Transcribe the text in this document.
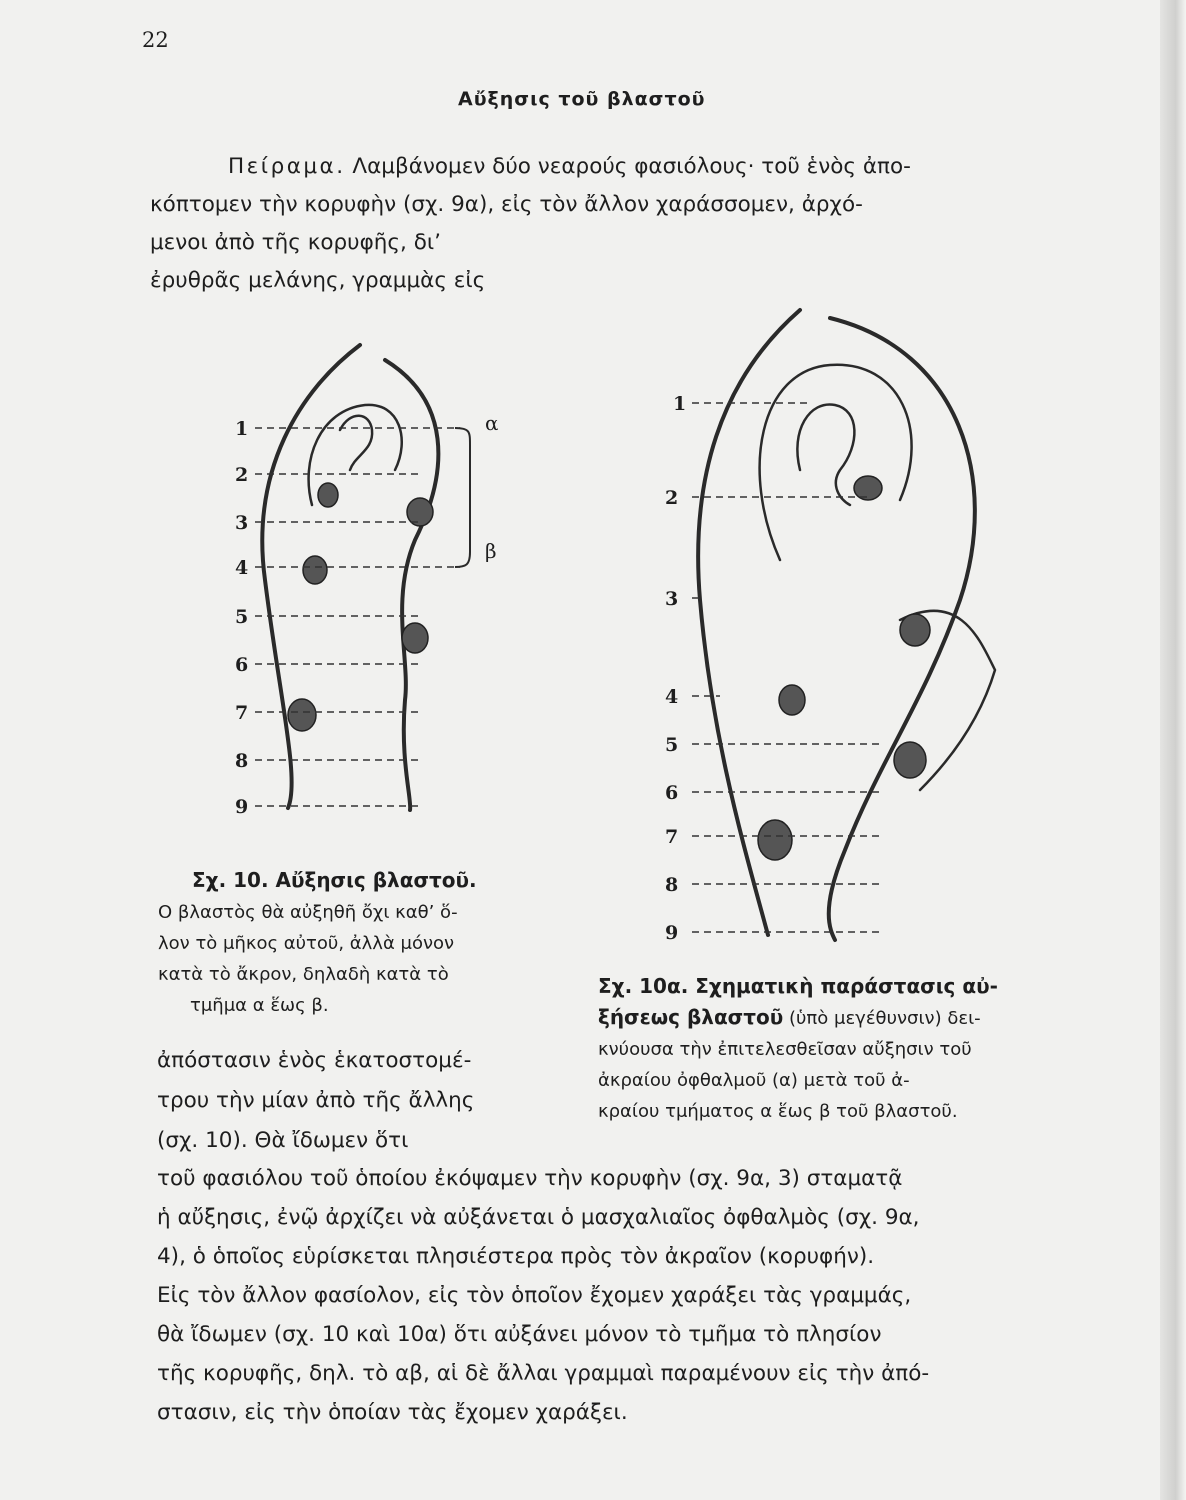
22
Αὔξησις τοῦ βλαστοῦ
Πείραμα. Λαμβάνομεν δύο νεαρούς φασιόλους· τοῦ ἑνὸς ἀπο-
κόπτομεν τὴν κορυφὴν (σχ. 9α), εἰς τὸν ἄλλον χαράσσομεν, ἀρχό-
μενοι ἀπὸ τῆς κορυφῆς, δι’
ἐρυθρᾶς μελάνης, γραμμὰς εἰς
1
2
3
4
5
6
7
8
9
α
β
1
2
3
4
5
6
7
8
9
Σχ. 10. Αὔξησις βλαστοῦ.
Ο βλαστὸς θὰ αὐξηθῆ ὄχι καθ’ ὅ-
λον τὸ μῆκος αὐτοῦ, ἀλλὰ μόνον
κατὰ τὸ ἄκρον, δηλαδὴ κατὰ τὸ
τμῆμα α ἕως β.
Σχ. 10α. Σχηματικὴ παράστασις αὐ-
ξήσεως βλαστοῦ (ὑπὸ μεγέθυνσιν) δει-
κνύουσα τὴν ἐπιτελεσθεῖσαν αὔξησιν τοῦ
ἀκραίου ὀφθαλμοῦ (α) μετὰ τοῦ ἀ-
κραίου τμήματος α ἕως β τοῦ βλαστοῦ.
ἀπόστασιν ἑνὸς ἑκατοστομέ-
τρου τὴν μίαν ἀπὸ τῆς ἄλλης
(σχ. 10). Θὰ ἴδωμεν ὅτι
τοῦ φασιόλου τοῦ ὁποίου ἐκόψαμεν τὴν κορυφὴν (σχ. 9α, 3) σταματᾷ
ἡ αὔξησις, ἐνῷ ἀρχίζει νὰ αὐξάνεται ὁ μασχαλιαῖος ὀφθαλμὸς (σχ. 9α,
4), ὁ ὁποῖος εὑρίσκεται πλησιέστερα πρὸς τὸν ἀκραῖον (κορυφήν).
Εἰς τὸν ἄλλον φασίολον, εἰς τὸν ὁποῖον ἔχομεν χαράξει τὰς γραμμάς,
θὰ ἴδωμεν (σχ. 10 καὶ 10α) ὅτι αὐξάνει μόνον τὸ τμῆμα τὸ πλησίον
τῆς κορυφῆς, δηλ. τὸ αβ, αἱ δὲ ἄλλαι γραμμαὶ παραμένουν εἰς τὴν ἀπό-
στασιν, εἰς τὴν ὁποίαν τὰς ἔχομεν χαράξει.
